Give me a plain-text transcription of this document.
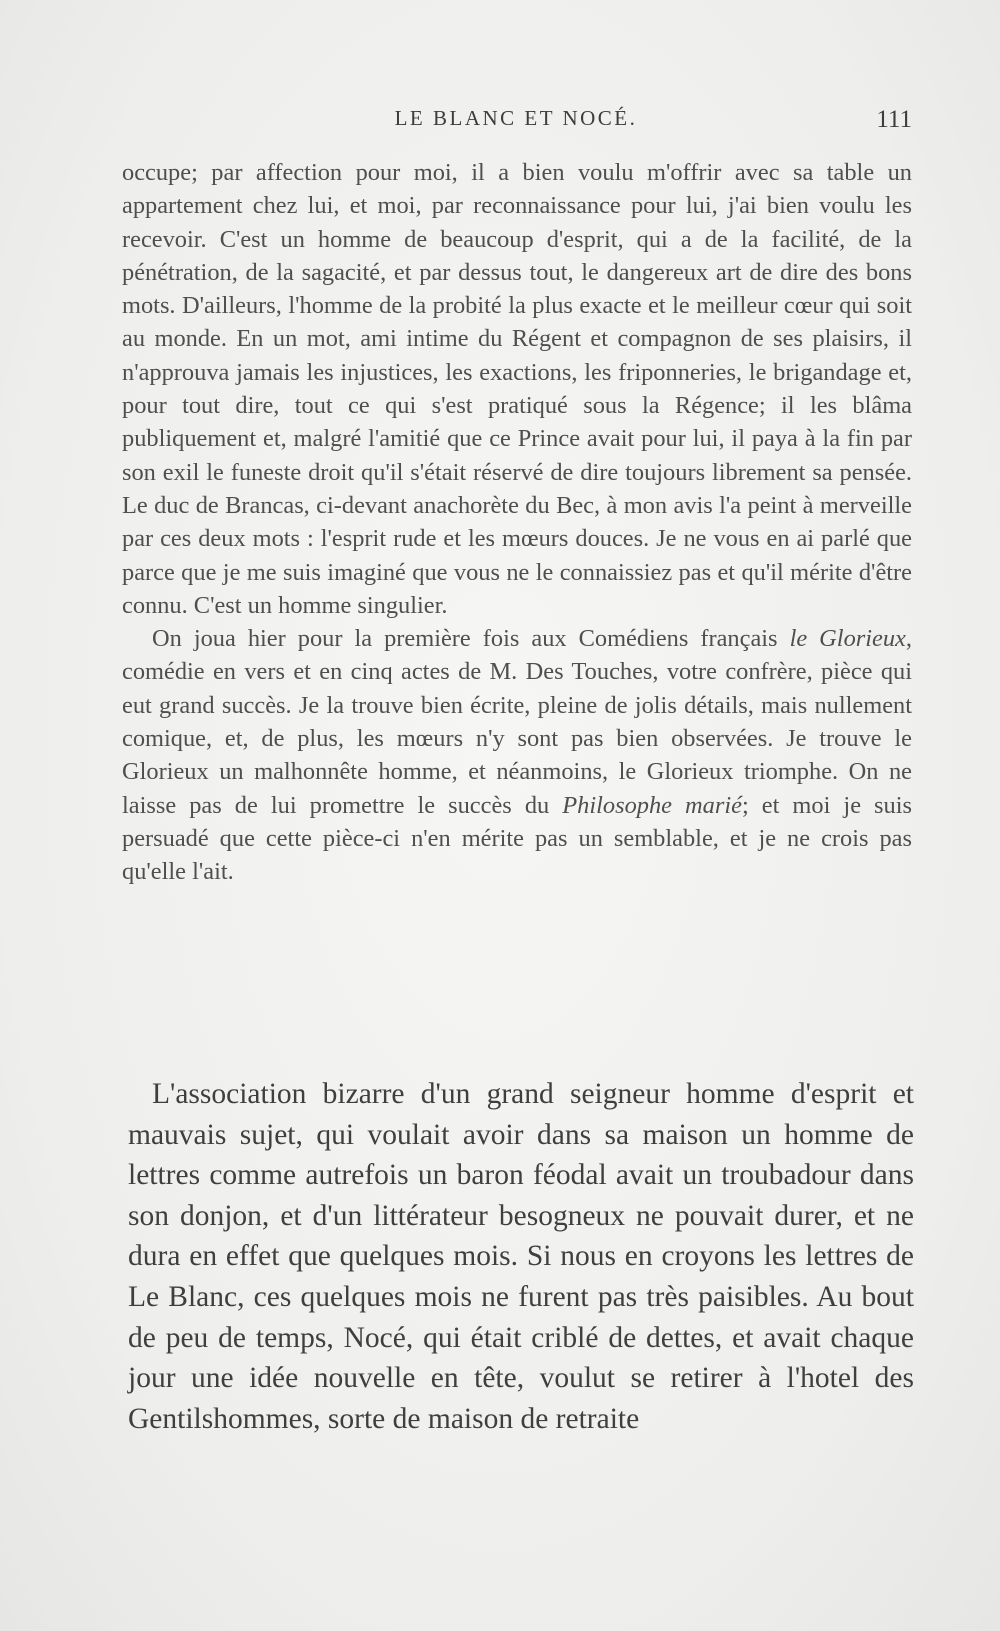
LE BLANC ET NOCÉ.	111

occupe; par affection pour moi, il a bien voulu m'offrir avec sa table un appartement chez lui, et moi, par reconnaissance pour lui, j'ai bien voulu les recevoir. C'est un homme de beaucoup d'esprit, qui a de la facilité, de la pénétration, de la sagacité, et par dessus tout, le dangereux art de dire des bons mots. D'ailleurs, l'homme de la probité la plus exacte et le meilleur cœur qui soit au monde. En un mot, ami intime du Régent et compagnon de ses plaisirs, il n'approuva jamais les injustices, les exactions, les friponneries, le brigandage et, pour tout dire, tout ce qui s'est pratiqué sous la Régence; il les blâma publiquement et, malgré l'amitié que ce Prince avait pour lui, il paya à la fin par son exil le funeste droit qu'il s'était réservé de dire toujours librement sa pensée. Le duc de Brancas, ci-devant anachorète du Bec, à mon avis l'a peint à merveille par ces deux mots : l'esprit rude et les mœurs douces. Je ne vous en ai parlé que parce que je me suis imaginé que vous ne le connaissiez pas et qu'il mérite d'être connu. C'est un homme singulier.

On joua hier pour la première fois aux Comédiens français le Glorieux, comédie en vers et en cinq actes de M. Des Touches, votre confrère, pièce qui eut grand succès. Je la trouve bien écrite, pleine de jolis détails, mais nullement comique, et, de plus, les mœurs n'y sont pas bien observées. Je trouve le Glorieux un malhonnête homme, et néanmoins, le Glorieux triomphe. On ne laisse pas de lui promettre le succès du Philosophe marié; et moi je suis persuadé que cette pièce-ci n'en mérite pas un semblable, et je ne crois pas qu'elle l'ait.

L'association bizarre d'un grand seigneur homme d'esprit et mauvais sujet, qui voulait avoir dans sa maison un homme de lettres comme autrefois un baron féodal avait un troubadour dans son donjon, et d'un littérateur besogneux ne pouvait durer, et ne dura en effet que quelques mois. Si nous en croyons les lettres de Le Blanc, ces quelques mois ne furent pas très paisibles. Au bout de peu de temps, Nocé, qui était criblé de dettes, et avait chaque jour une idée nouvelle en tête, voulut se retirer à l'hotel des Gentilshommes, sorte de maison de retraite
